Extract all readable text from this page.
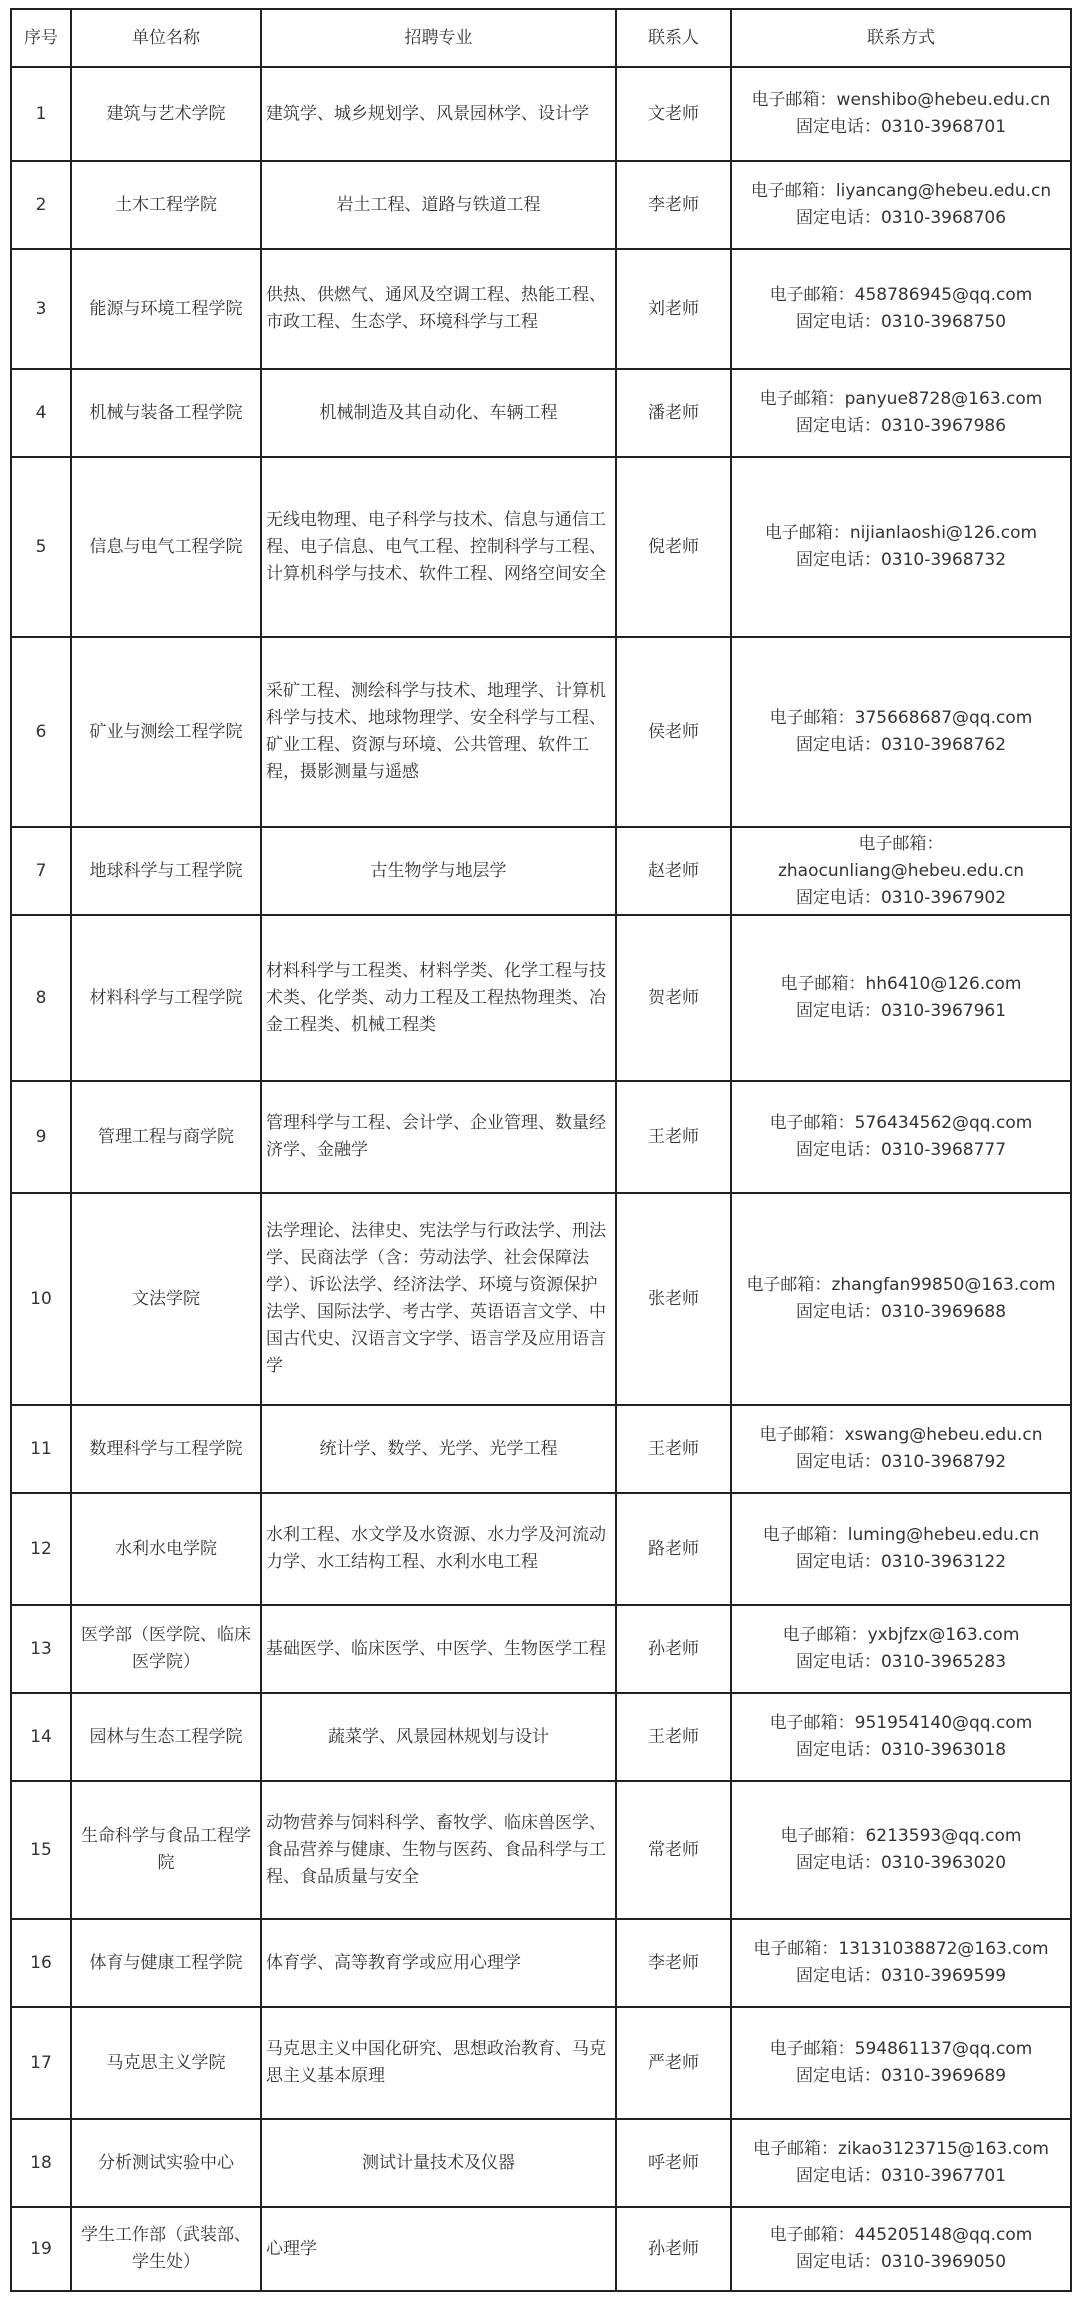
序号	单位名称	招聘专业	联系人	联系方式
1	建筑与艺术学院	建筑学、城乡规划学、风景园林学、设计学	文老师	电子邮箱：wenshibo@hebeu.edu.cn
固定电话：0310-3968701

2	土木工程学院	岩土工程、道路与铁道工程	李老师	电子邮箱：liyancang@hebeu.edu.cn
固定电话：0310-3968706

3	能源与环境工程学院	供热、供燃气、通风及空调工程、热能工程、市政工程、生态学、环境科学与工程	刘老师	电子邮箱：458786945@qq.com
固定电话：0310-3968750

4	机械与装备工程学院	机械制造及其自动化、车辆工程	潘老师	电子邮箱：panyue8728@163.com
固定电话：0310-3967986

5	信息与电气工程学院	无线电物理、电子科学与技术、信息与通信工程、电子信息、电气工程、控制科学与工程、计算机科学与技术、软件工程、网络空间安全	倪老师	电子邮箱：nijianlaoshi@126.com
固定电话：0310-3968732

6	矿业与测绘工程学院	采矿工程、测绘科学与技术、地理学、计算机科学与技术、地球物理学、安全科学与工程、矿业工程、资源与环境、公共管理、软件工程，摄影测量与遥感	侯老师	电子邮箱：375668687@qq.com
固定电话：0310-3968762

7	地球科学与工程学院	古生物学与地层学	赵老师	电子邮箱：
zhaocunliang@hebeu.edu.cn
固定电话：0310-3967902

8	材料科学与工程学院	材料科学与工程类、材料学类、化学工程与技术类、化学类、动力工程及工程热物理类、冶金工程类、机械工程类	贺老师	电子邮箱：hh6410@126.com
固定电话：0310-3967961

9	管理工程与商学院	管理科学与工程、会计学、企业管理、数量经济学、金融学	王老师	电子邮箱：576434562@qq.com
固定电话：0310-3968777

10	文法学院	法学理论、法律史、宪法学与行政法学、刑法学、民商法学（含：劳动法学、社会保障法学）、诉讼法学、经济法学、环境与资源保护法学、国际法学、考古学、英语语言文学、中国古代史、汉语言文字学、语言学及应用语言学	张老师	电子邮箱：zhangfan99850@163.com
固定电话：0310-3969688

11	数理科学与工程学院	统计学、数学、光学、光学工程	王老师	电子邮箱：xswang@hebeu.edu.cn
固定电话：0310-3968792

12	水利水电学院	水利工程、水文学及水资源、水力学及河流动力学、水工结构工程、水利水电工程	路老师	电子邮箱：luming@hebeu.edu.cn
固定电话：0310-3963122

13	医学部（医学院、临床医学院）	基础医学、临床医学、中医学、生物医学工程	孙老师	电子邮箱：yxbjfzx@163.com
固定电话：0310-3965283

14	园林与生态工程学院	蔬菜学、风景园林规划与设计	王老师	电子邮箱：951954140@qq.com
固定电话：0310-3963018

15	生命科学与食品工程学院	动物营养与饲料科学、畜牧学、临床兽医学、食品营养与健康、生物与医药、食品科学与工程、食品质量与安全	常老师	电子邮箱：6213593@qq.com
固定电话：0310-3963020

16	体育与健康工程学院	体育学、高等教育学或应用心理学	李老师	电子邮箱：13131038872@163.com
固定电话：0310-3969599

17	马克思主义学院	马克思主义中国化研究、思想政治教育、马克思主义基本原理	严老师	电子邮箱：594861137@qq.com
固定电话：0310-3969689

18	分析测试实验中心	测试计量技术及仪器	呼老师	电子邮箱：zikao3123715@163.com
固定电话：0310-3967701

19	学生工作部（武装部、学生处）	心理学	孙老师	电子邮箱：445205148@qq.com
固定电话：0310-3969050
